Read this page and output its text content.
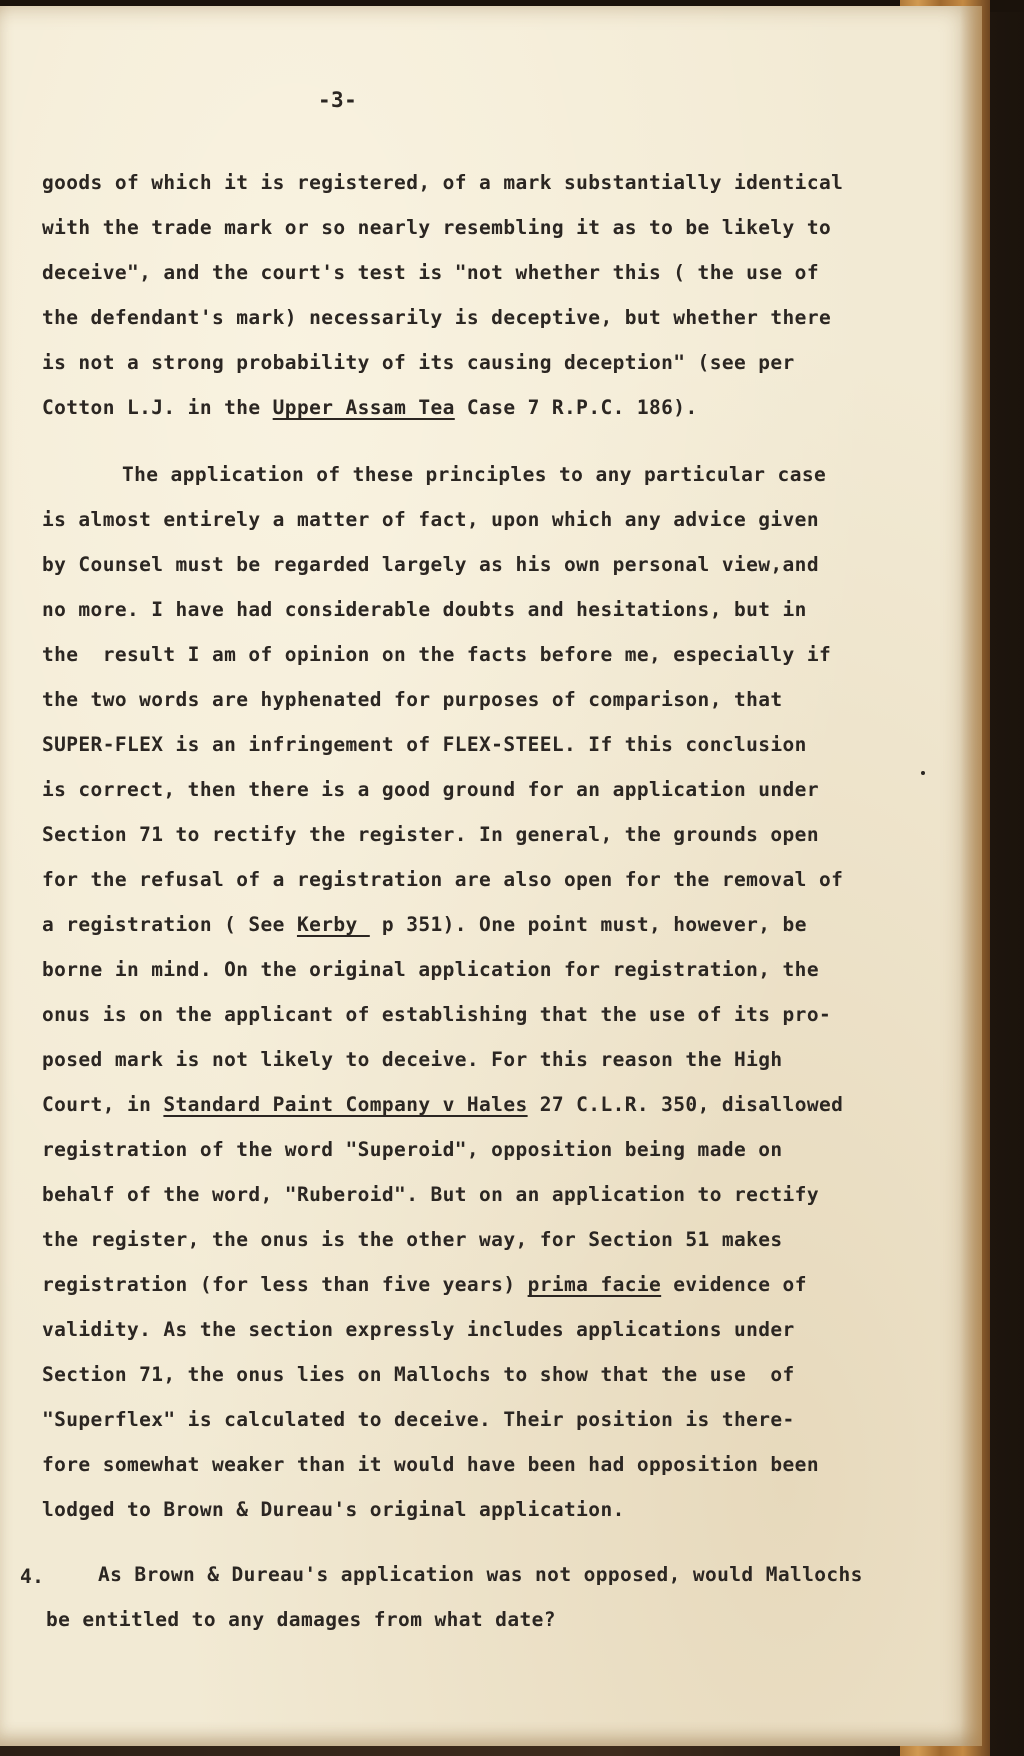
-3-
goods of which it is registered, of a mark substantially identical
with the trade mark or so nearly resembling it as to be likely to
deceive", and the court's test is "not whether this ( the use of
the defendant's mark) necessarily is deceptive, but whether there
is not a strong probability of its causing deception" (see per
Cotton L.J. in the Upper Assam Tea Case 7 R.P.C. 186).
The application of these principles to any particular case
is almost entirely a matter of fact, upon which any advice given
by Counsel must be regarded largely as his own personal view,and
no more. I have had considerable doubts and hesitations, but in
the  result I am of opinion on the facts before me, especially if
the two words are hyphenated for purposes of comparison, that
SUPER-FLEX is an infringement of FLEX-STEEL. If this conclusion
is correct, then there is a good ground for an application under
Section 71 to rectify the register. In general, the grounds open
for the refusal of a registration are also open for the removal of
a registration ( See Kerby  p 351). One point must, however, be
borne in mind. On the original application for registration, the
onus is on the applicant of establishing that the use of its pro-
posed mark is not likely to deceive. For this reason the High
Court, in Standard Paint Company v Hales 27 C.L.R. 350, disallowed
registration of the word "Superoid", opposition being made on
behalf of the word, "Ruberoid". But on an application to rectify
the register, the onus is the other way, for Section 51 makes
registration (for less than five years) prima facie evidence of
validity. As the section expressly includes applications under
Section 71, the onus lies on Mallochs to show that the use  of
"Superflex" is calculated to deceive. Their position is there-
fore somewhat weaker than it would have been had opposition been
lodged to Brown & Dureau's original application.
4.	As Brown & Dureau's application was not opposed, would Mallochs
be entitled to any damages from what date?
